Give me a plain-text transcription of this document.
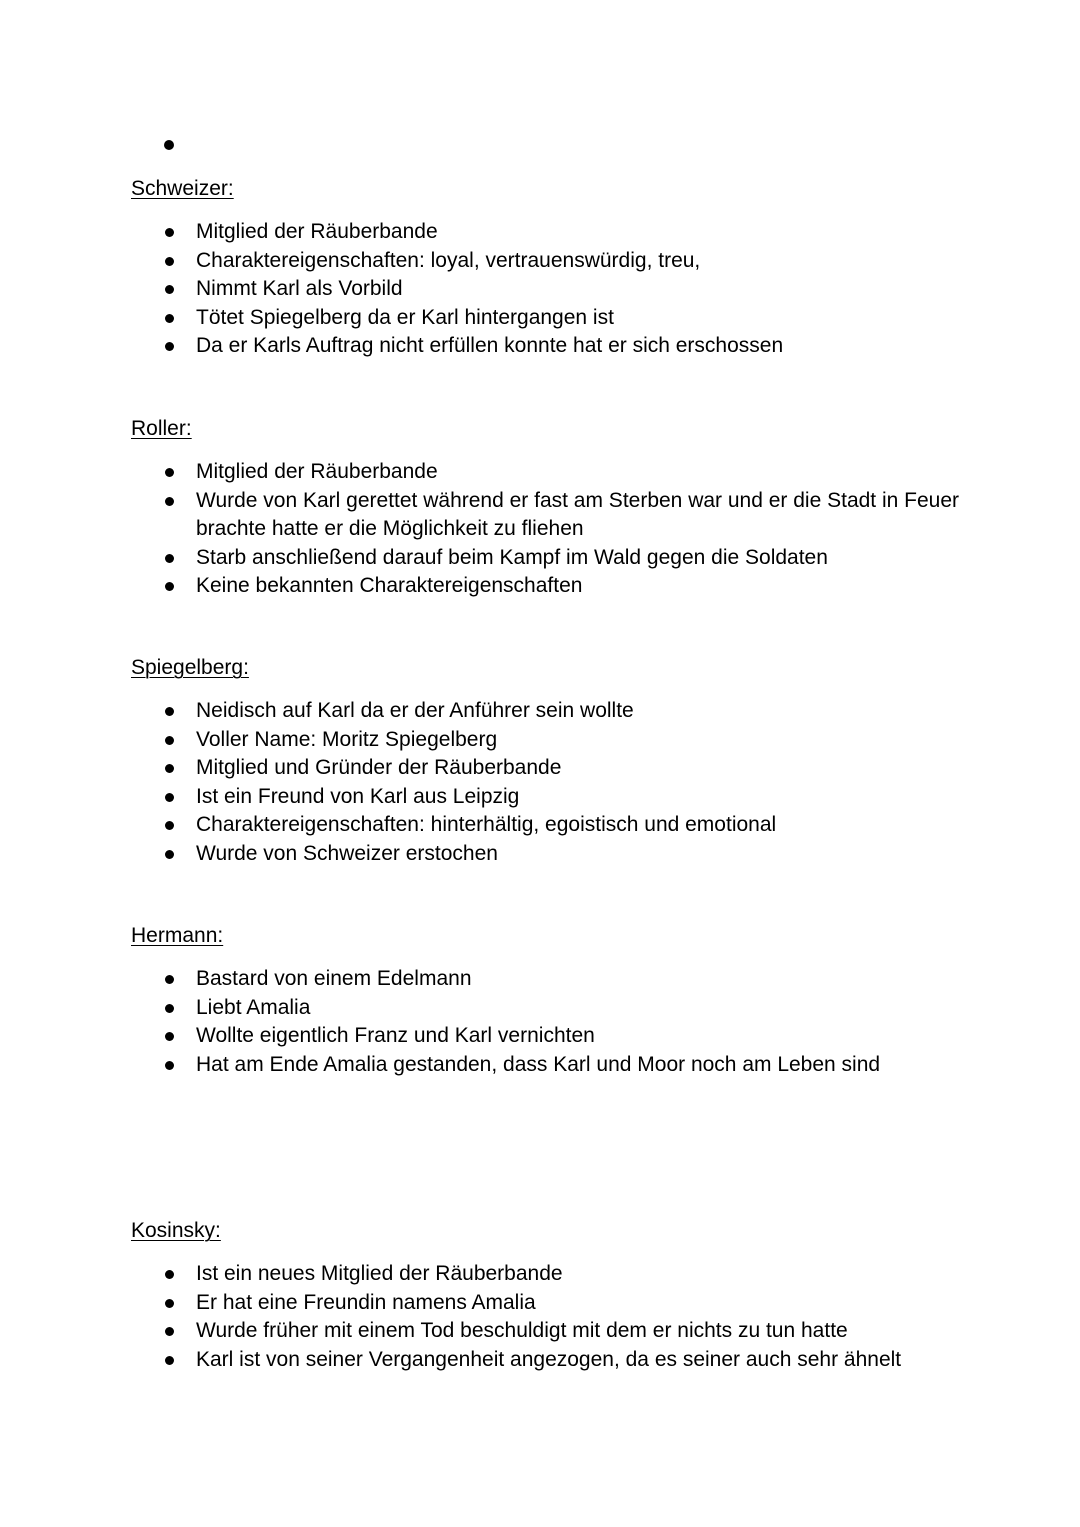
Schweizer:
Mitglied der Räuberbande
Charaktereigenschaften: loyal, vertrauenswürdig, treu,
Nimmt Karl als Vorbild
Tötet Spiegelberg da er Karl hintergangen ist
Da er Karls Auftrag nicht erfüllen konnte hat er sich erschossen
Roller:
Mitglied der Räuberbande
Wurde von Karl gerettet während er fast am Sterben war und er die Stadt in Feuer brachte hatte er die Möglichkeit zu fliehen
Starb anschließend darauf beim Kampf im Wald gegen die Soldaten
Keine bekannten Charaktereigenschaften
Spiegelberg:
Neidisch auf Karl da er der Anführer sein wollte
Voller Name: Moritz Spiegelberg
Mitglied und Gründer der Räuberbande
Ist ein Freund von Karl aus Leipzig
Charaktereigenschaften: hinterhältig, egoistisch und emotional
Wurde von Schweizer erstochen
Hermann:
Bastard von einem Edelmann
Liebt Amalia
Wollte eigentlich Franz und Karl vernichten
Hat am Ende Amalia gestanden, dass Karl und Moor noch am Leben sind
Kosinsky:
Ist ein neues Mitglied der Räuberbande
Er hat eine Freundin namens Amalia
Wurde früher mit einem Tod beschuldigt mit dem er nichts zu tun hatte
Karl ist von seiner Vergangenheit angezogen, da es seiner auch sehr ähnelt
